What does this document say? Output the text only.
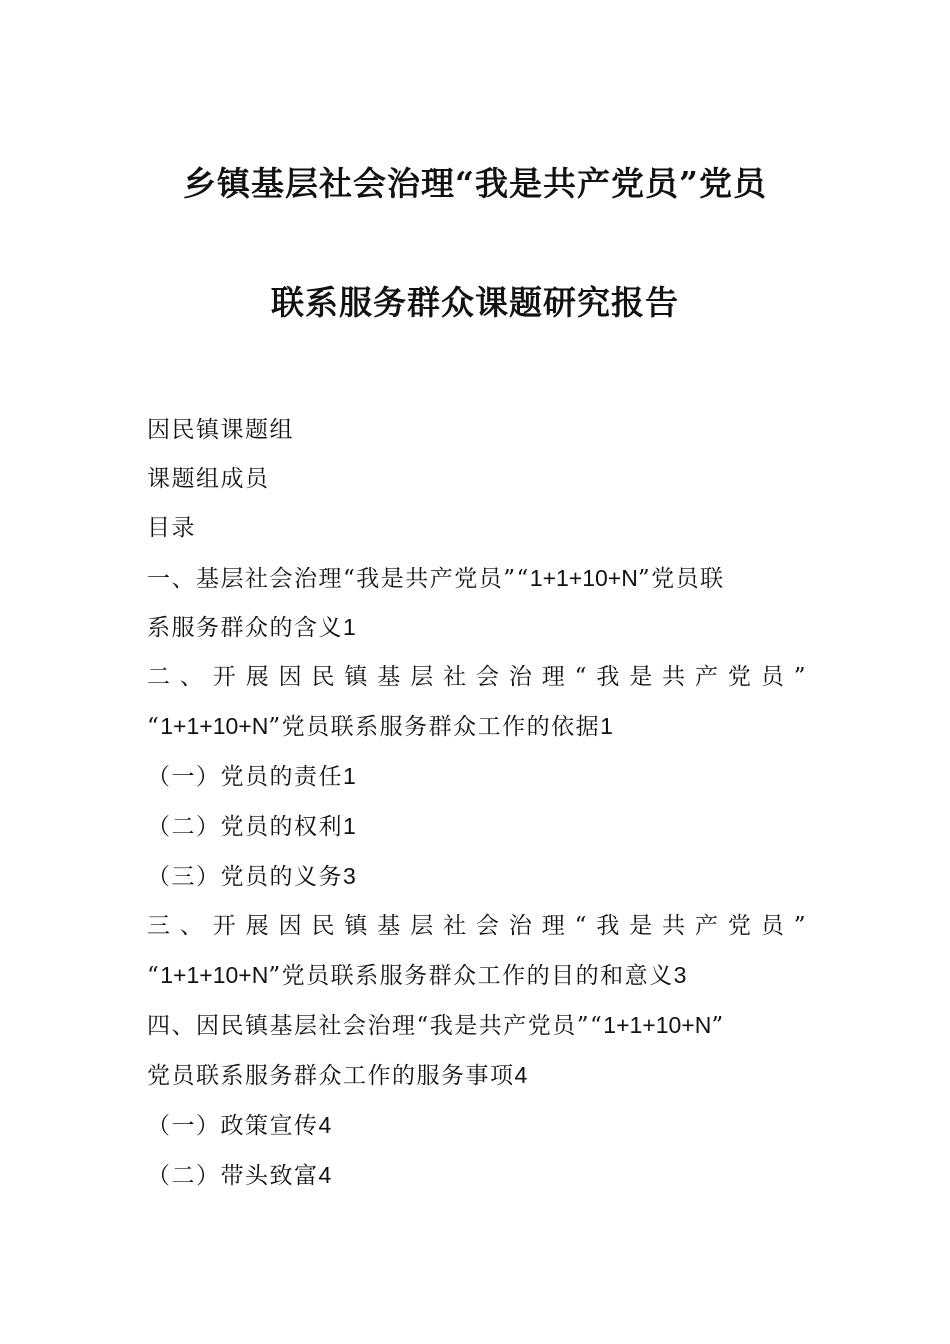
乡镇基层社会治理“我是共产党员”党员
联系服务群众课题研究报告
因民镇课题组
课题组成员
目录
一、基层社会治理“我是共产党员”“1+1+10+N”党员联
系服务群众的含义1
二、开展因民镇基层社会治理“我是共产党员”
“1+1+10+N”党员联系服务群众工作的依据1
（一）党员的责任1
（二）党员的权利1
（三）党员的义务3
三、开展因民镇基层社会治理“我是共产党员”
“1+1+10+N”党员联系服务群众工作的目的和意义3
四、因民镇基层社会治理“我是共产党员”“1+1+10+N”
党员联系服务群众工作的服务事项4
（一）政策宣传4
（二）带头致富4
